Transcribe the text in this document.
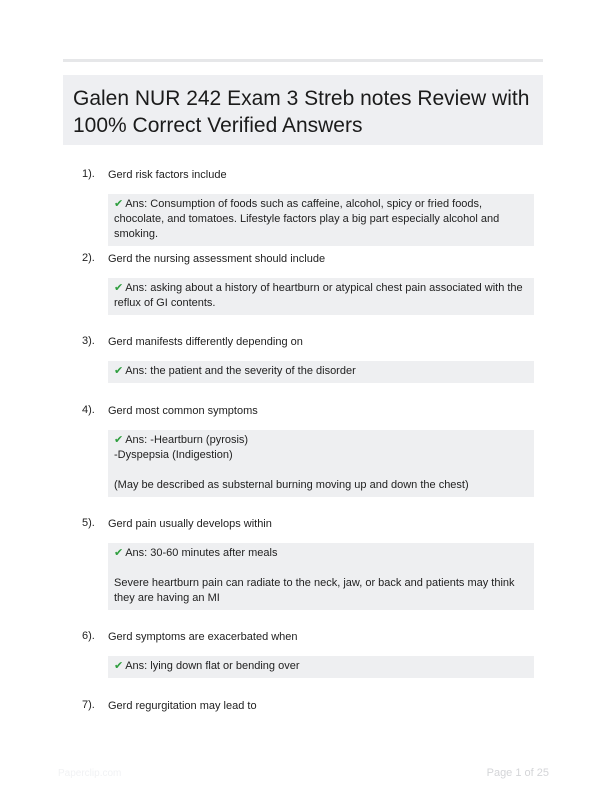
Galen NUR 242 Exam 3 Streb notes Review with 100% Correct Verified Answers
1). Gerd risk factors include

✔ Ans: Consumption of foods such as caffeine, alcohol, spicy or fried foods, chocolate, and tomatoes. Lifestyle factors play a big part especially alcohol and smoking.

2). Gerd the nursing assessment should include

✔ Ans: asking about a history of heartburn or atypical chest pain associated with the reflux of GI contents.

3). Gerd manifests differently depending on

✔ Ans: the patient and the severity of the disorder

4). Gerd most common symptoms

✔ Ans: -Heartburn (pyrosis)

-Dyspepsia (Indigestion)

(May be described as substernal burning moving up and down the chest)

5). Gerd pain usually develops within

✔ Ans: 30-60 minutes after meals

Severe heartburn pain can radiate to the neck, jaw, or back and patients may think they are having an MI

6). Gerd symptoms are exacerbated when

✔ Ans: lying down flat or bending over

7). Gerd regurgitation may lead to
Paperclip.com	Page 1 of 25
